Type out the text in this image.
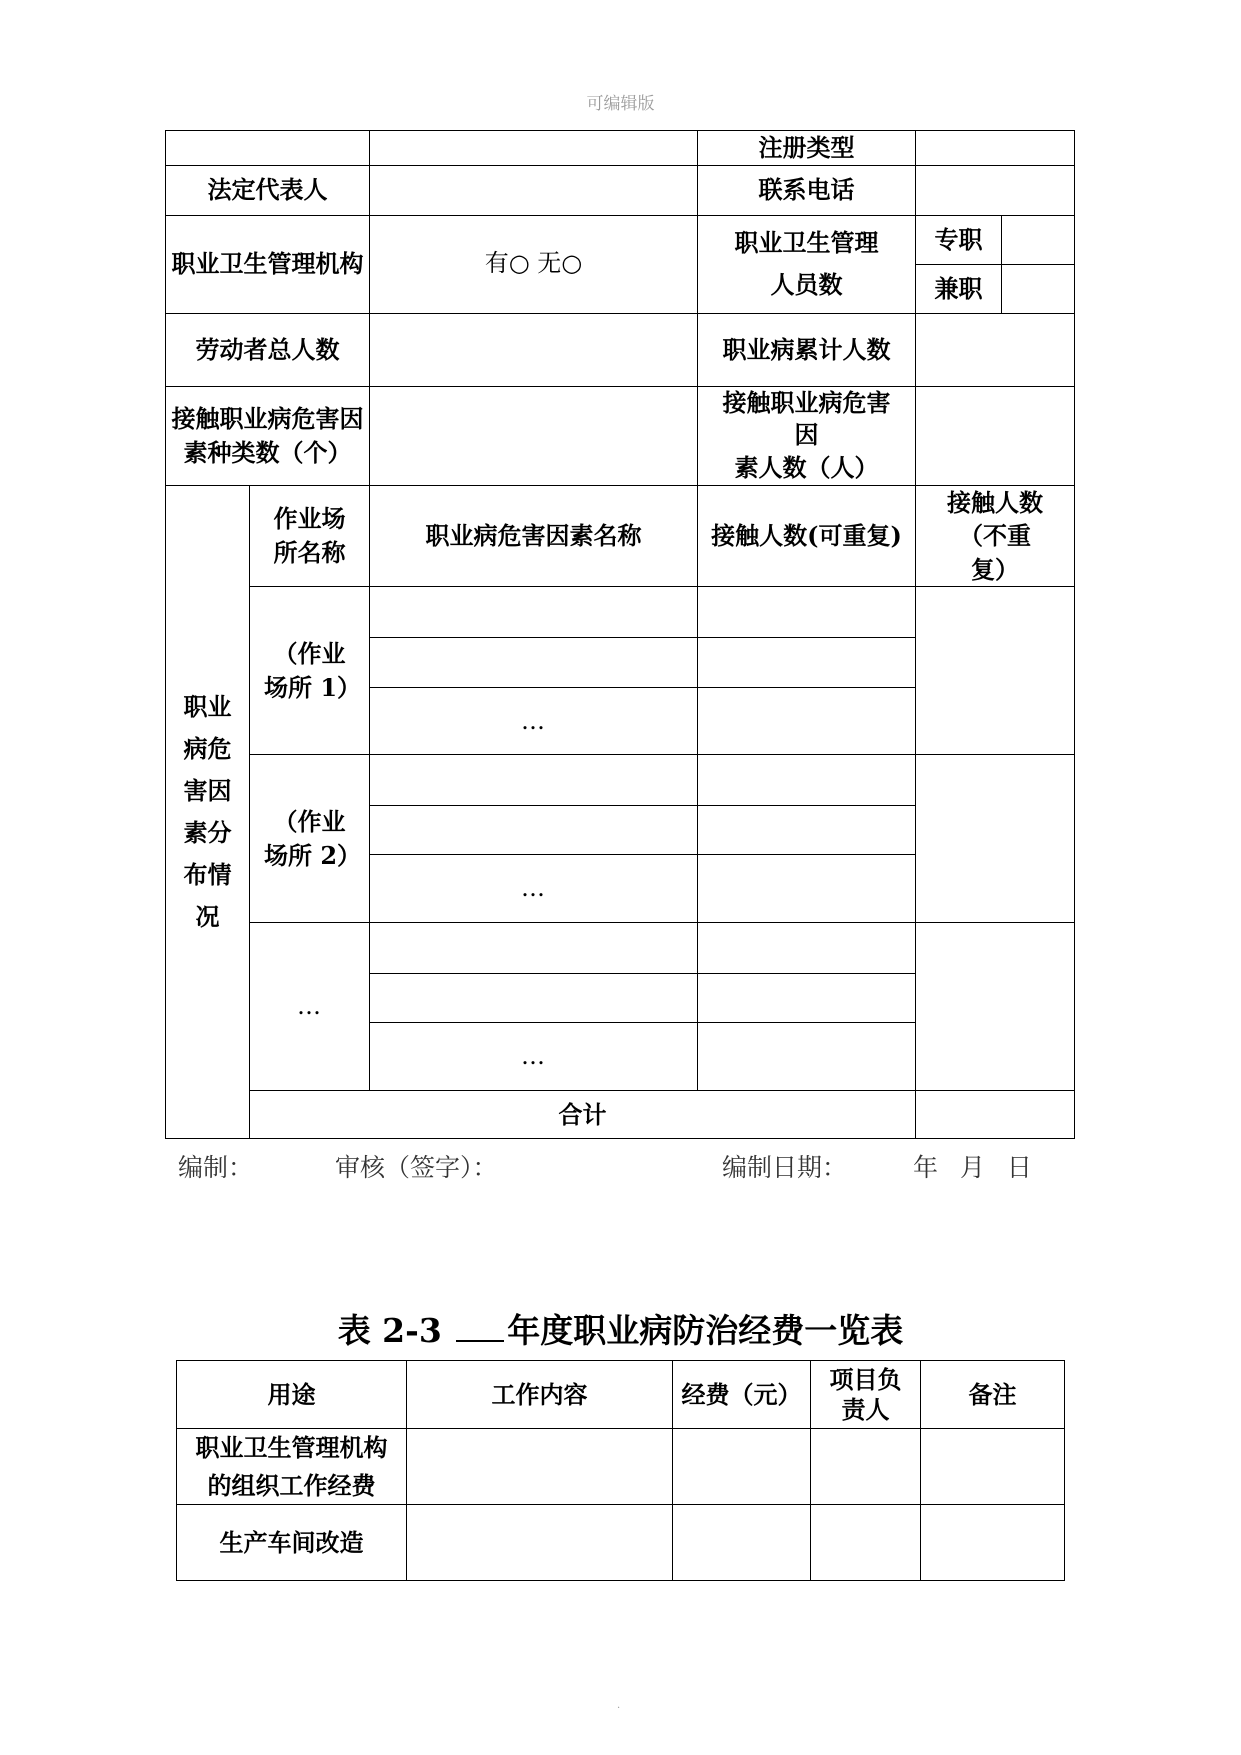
可编辑版
			注册类型		
法定代表人			联系电话		
职业卫生管理机构		有○ 无○	职业卫生管理人员数	专职	
				兼职	
劳动者总人数			职业病累计人数		
接触职业病危害因素种类数（个）			接触职业病危害因
素人数（人）		

职业病危害因素分布情况	作业场所名称	职业病危害因素名称	接触人数(可重复)	接触人数（不重复）	
	（作业场所 1）				

		…			
	（作业场所 2）				

		…			
	…				

		…			
	合计				
编制：	审核（签字）：	编制日期：	年 月 日
表 2-3 年度职业病防治经费一览表
用途	工作内容	经费（元）	项目负责人	备注
职业卫生管理机构的组织工作经费				
生产车间改造				
.
